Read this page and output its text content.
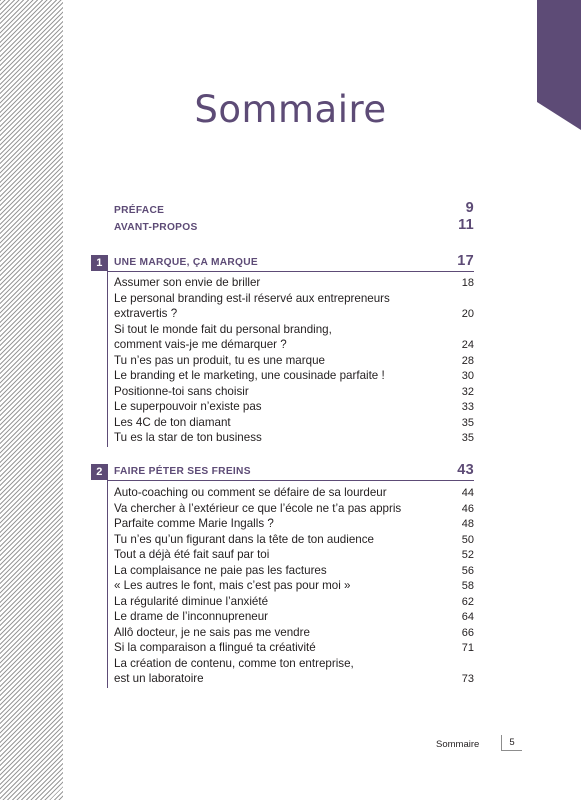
Sommaire
PRÉFACE	9
AVANT-PROPOS	11
1	UNE MARQUE, ÇA MARQUE	17
Assumer son envie de briller	18
Le personal branding est-il réservé aux entrepreneurs
extravertis ?	20
Si tout le monde fait du personal branding,
comment vais-je me démarquer ?	24
Tu n’es pas un produit, tu es une marque	28
Le branding et le marketing, une cousinade parfaite !	30
Positionne-toi sans choisir	32
Le superpouvoir n’existe pas	33
Les 4C de ton diamant	35
Tu es la star de ton business	35
2	FAIRE PÉTER SES FREINS	43
Auto-coaching ou comment se défaire de sa lourdeur	44
Va chercher à l’extérieur ce que l’école ne t’a pas appris	46
Parfaite comme Marie Ingalls ?	48
Tu n’es qu’un figurant dans la tête de ton audience	50
Tout a déjà été fait sauf par toi	52
La complaisance ne paie pas les factures	56
« Les autres le font, mais c’est pas pour moi »	58
La régularité diminue l’anxiété	62
Le drame de l’inconnupreneur	64
Allô docteur, je ne sais pas me vendre	66
Si la comparaison a flingué ta créativité	71
La création de contenu, comme ton entreprise,
est un laboratoire	73
Sommaire	5
